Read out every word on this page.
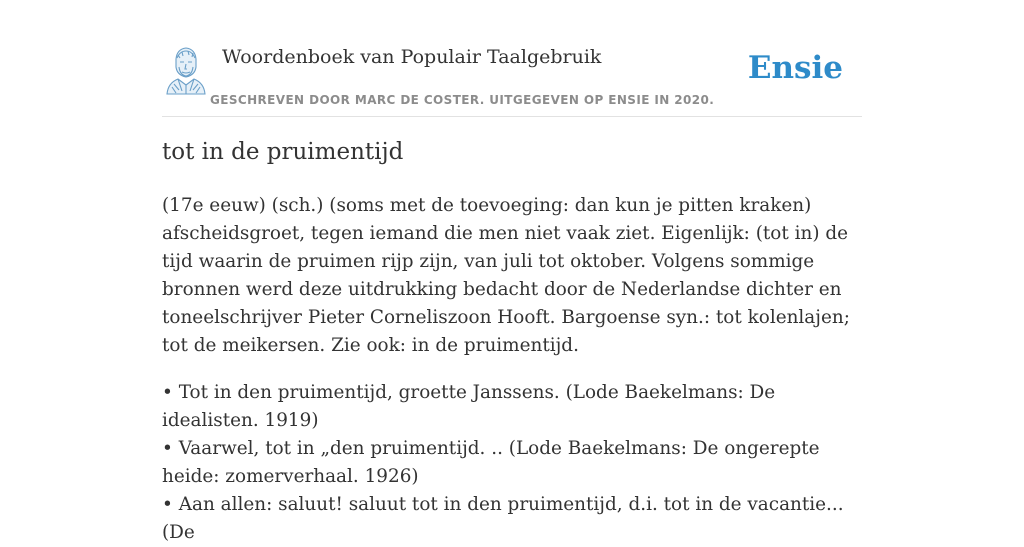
Woordenboek van Populair Taalgebruik
GESCHREVEN DOOR MARC DE COSTER. UITGEGEVEN OP ENSIE IN 2020.
Ensie
tot in de pruimentijd

(17e eeuw) (sch.) (soms met de toevoeging: dan kun je pitten kraken) afscheidsgroet, tegen iemand die men niet vaak ziet. Eigenlijk: (tot in) de tijd waarin de pruimen rijp zijn, van juli tot oktober. Volgens sommige bronnen werd deze uitdrukking bedacht door de Nederlandse dichter en toneelschrijver Pieter Corneliszoon Hooft. Bargoense syn.: tot kolenlajen; tot de meikersen. Zie ook: in de pruimentijd.

• Tot in den pruimentijd, groette Janssens. (Lode Baekelmans: De idealisten. 1919)
• Vaarwel, tot in „den pruimentijd. .. (Lode Baekelmans: De ongerepte heide: zomerverhaal. 1926)
• Aan allen: saluut! saluut tot in den pruimentijd, d.i. tot in de vacantie... (De
